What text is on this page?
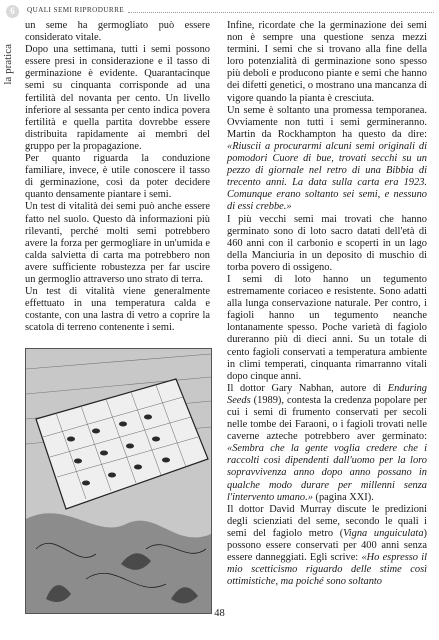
6	QUALI SEMI RIPRODURRE
la pratica

un seme ha germogliato può essere considerato vitale.

Dopo una settimana, tutti i semi possono essere presi in considerazione e il tasso di germinazione è evidente. Quarantacinque semi su cinquanta corrisponde ad una fertilità del novanta per cento. Un livello inferiore al sessanta per cento indica povera fertilità e quella partita dovrebbe essere distribuita rapidamente ai membri del gruppo per la propagazione.

Per quanto riguarda la conduzione familiare, invece, è utile conoscere il tasso di germinazione, così da poter decidere quanto densamente piantare i semi.

Un test di vitalità dei semi può anche essere fatto nel suolo. Questo dà informazioni più rilevanti, perché molti semi potrebbero avere la forza per germogliare in un'umida e calda salvietta di carta ma potrebbero non avere sufficiente robustezza per far uscire un germoglio attraverso uno strato di terra.

Un test di vitalità viene generalmente effettuato in una temperatura calda e costante, con una lastra di vetro a coprire la scatola di terreno contenente i semi.

Infine, ricordate che la germinazione dei semi non è sempre una questione senza mezzi termini. I semi che si trovano alla fine della loro potenzialità di germinazione sono spesso più deboli e producono piante e semi che hanno dei difetti genetici, o mostrano una mancanza di vigore quando la pianta è cresciuta.

Un seme è soltanto una promessa temporanea. Ovviamente non tutti i semi germineranno. Martin da Rockhampton ha questo da dire: «Riuscii a procurarmi alcuni semi originali di pomodori Cuore di bue, trovati secchi su un pezzo di giornale nel retro di una Bibbia di trecento anni. La data sulla carta era 1923. Comunque erano soltanto sei semi, e nessuno di essi crebbe.»

I più vecchi semi mai trovati che hanno germinato sono di loto sacro datati dell'età di 460 anni con il carbonio e scoperti in un lago della Manciuria in un deposito di muschio di torba povero di ossigeno.

I semi di loto hanno un tegumento estremamente coriaceo e resistente. Sono adatti alla lunga conservazione naturale. Per contro, i fagioli hanno un tegumento neanche lontanamente spesso. Poche varietà di fagiolo dureranno più di dieci anni. Su un totale di cento fagioli conservati a temperatura ambiente in climi temperati, cinquanta rimarranno vitali dopo cinque anni.

Il dottor Gary Nabhan, autore di Enduring Seeds (1989), contesta la credenza popolare per cui i semi di frumento conservati per secoli nelle tombe dei Faraoni, o i fagioli trovati nelle caverne azteche potrebbero aver germinato: «Sembra che la gente voglia credere che i raccolti così dipendenti dall'uomo per la loro sopravvivenza anno dopo anno possano in qualche modo durare per millenni senza l'intervento umano.» (pagina XXI).

Il dottor David Murray discute le predizioni degli scienziati del seme, secondo le quali i semi del fagiolo metro (Vigna unguiculata) possono essere conservati per 400 anni senza essere danneggiati. Egli scrive: «Ho espresso il mio scetticismo riguardo delle stime così ottimistiche, ma poiché sono soltanto

48
